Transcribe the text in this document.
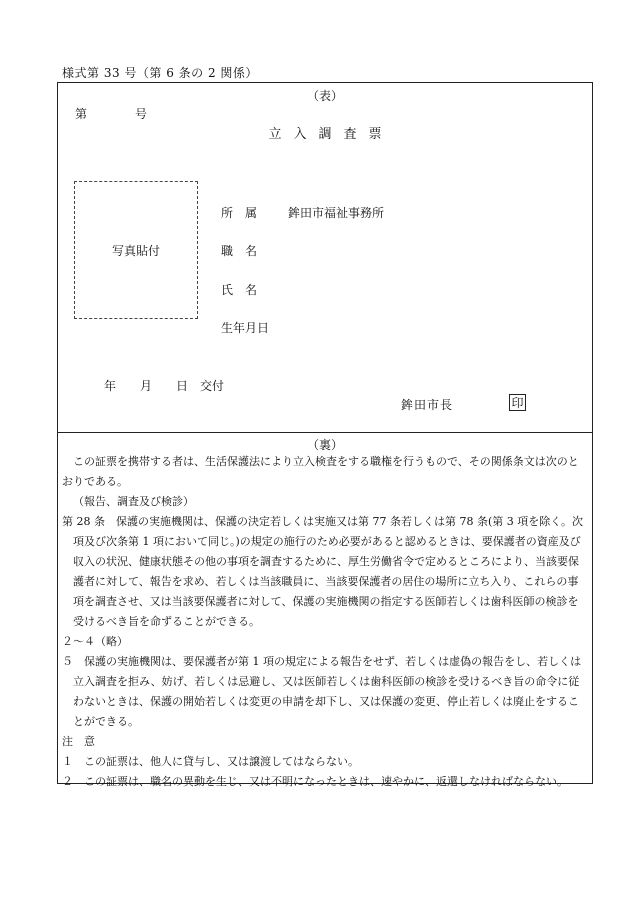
様式第 33 号（第 6 条の 2 関係）
（表）
第　号
立入調査票
写真貼付
所　属	鉾田市福祉事務所
職　名
氏　名
生年月日
年　　月　　日　交付
鉾田市長	印
（裏）

この証票を携帯する者は、生活保護法により立入検査をする職権を行うもので、その関係条文は次のとおりである。

（報告、調査及び検診）

第 28 条　保護の実施機関は、保護の決定若しくは実施又は第 77 条若しくは第 78 条(第 3 項を除く。次項及び次条第 1 項において同じ。)の規定の施行のため必要があると認めるときは、要保護者の資産及び収入の状況、健康状態その他の事項を調査するために、厚生労働省令で定めるところにより、当該要保護者に対して、報告を求め、若しくは当該職員に、当該要保護者の居住の場所に立ち入り、これらの事項を調査させ、又は当該要保護者に対して、保護の実施機関の指定する医師若しくは歯科医師の検診を受けるべき旨を命ずることができる。

２～４（略）

５　保護の実施機関は、要保護者が第 1 項の規定による報告をせず、若しくは虚偽の報告をし、若しくは立入調査を拒み、妨げ、若しくは忌避し、又は医師若しくは歯科医師の検診を受けるべき旨の命令に従わないときは、保護の開始若しくは変更の申請を却下し、又は保護の変更、停止若しくは廃止をすることができる。

注　意

１　この証票は、他人に貸与し、又は譲渡してはならない。

２　この証票は、職名の異動を生じ、又は不明になったときは、速やかに、返還しなければならない。
